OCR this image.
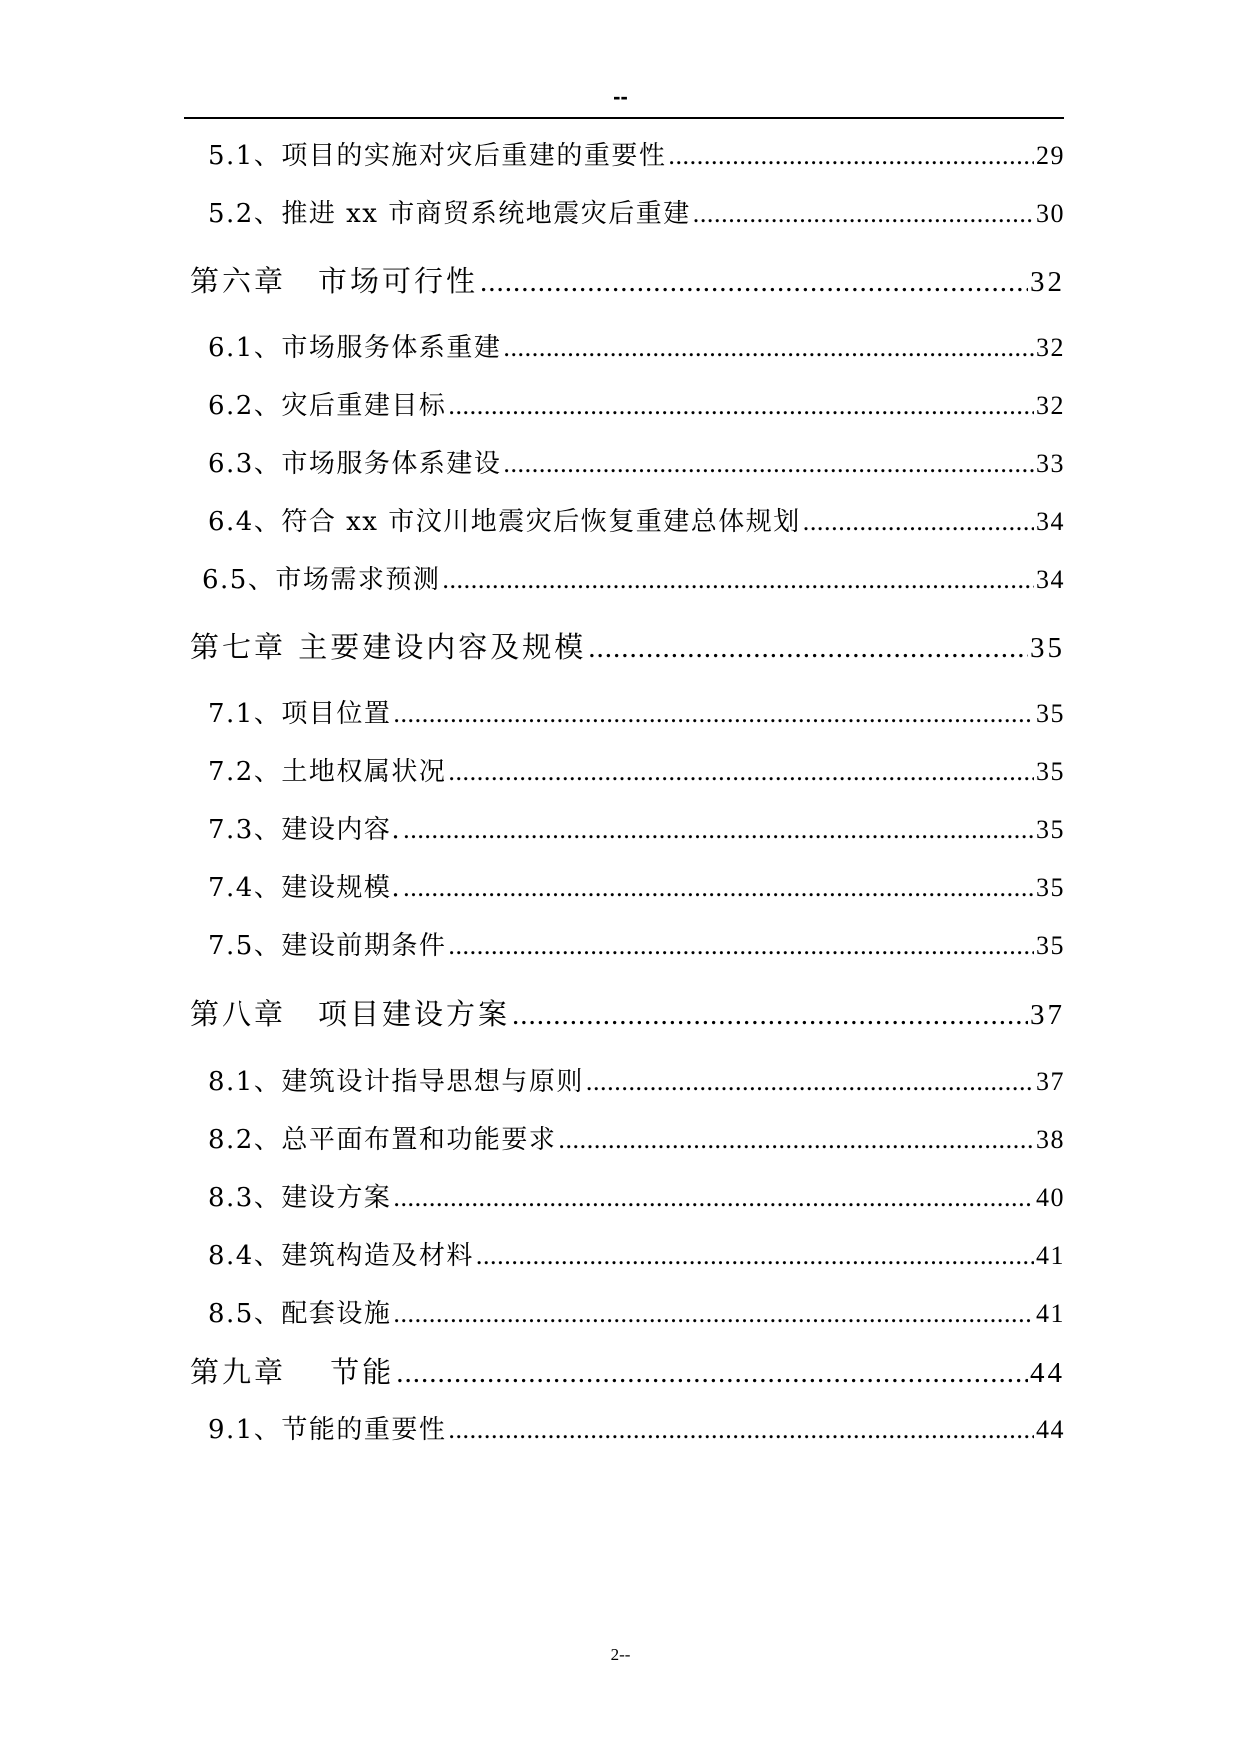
--
5.1、项目的实施对灾后重建的重要性 .....	29
5.2、推进 xx 市商贸系统地震灾后重建 .....	30
第六章　市场可行性 .....	32
6.1、市场服务体系重建 .....	32
6.2、灾后重建目标 .....	32
6.3、市场服务体系建设 .....	33
6.4、符合 xx 市汶川地震灾后恢复重建总体规划 .....	34
6.5、市场需求预测 .....	34
第七章 主要建设内容及规模 .....	35
7.1、项目位置 .....	35
7.2、土地权属状况 .....	35
7.3、建设内容. .....	35
7.4、建设规模. .....	35
7.5、建设前期条件 .....	35
第八章　项目建设方案 .....	37
8.1、建筑设计指导思想与原则 .....	37
8.2、总平面布置和功能要求 .....	38
8.3、建设方案 .....	40
8.4、建筑构造及材料 .....	41
8.5、配套设施 .....	41
第九章　 节能 .....	44
9.1、节能的重要性 .....	44
2--
